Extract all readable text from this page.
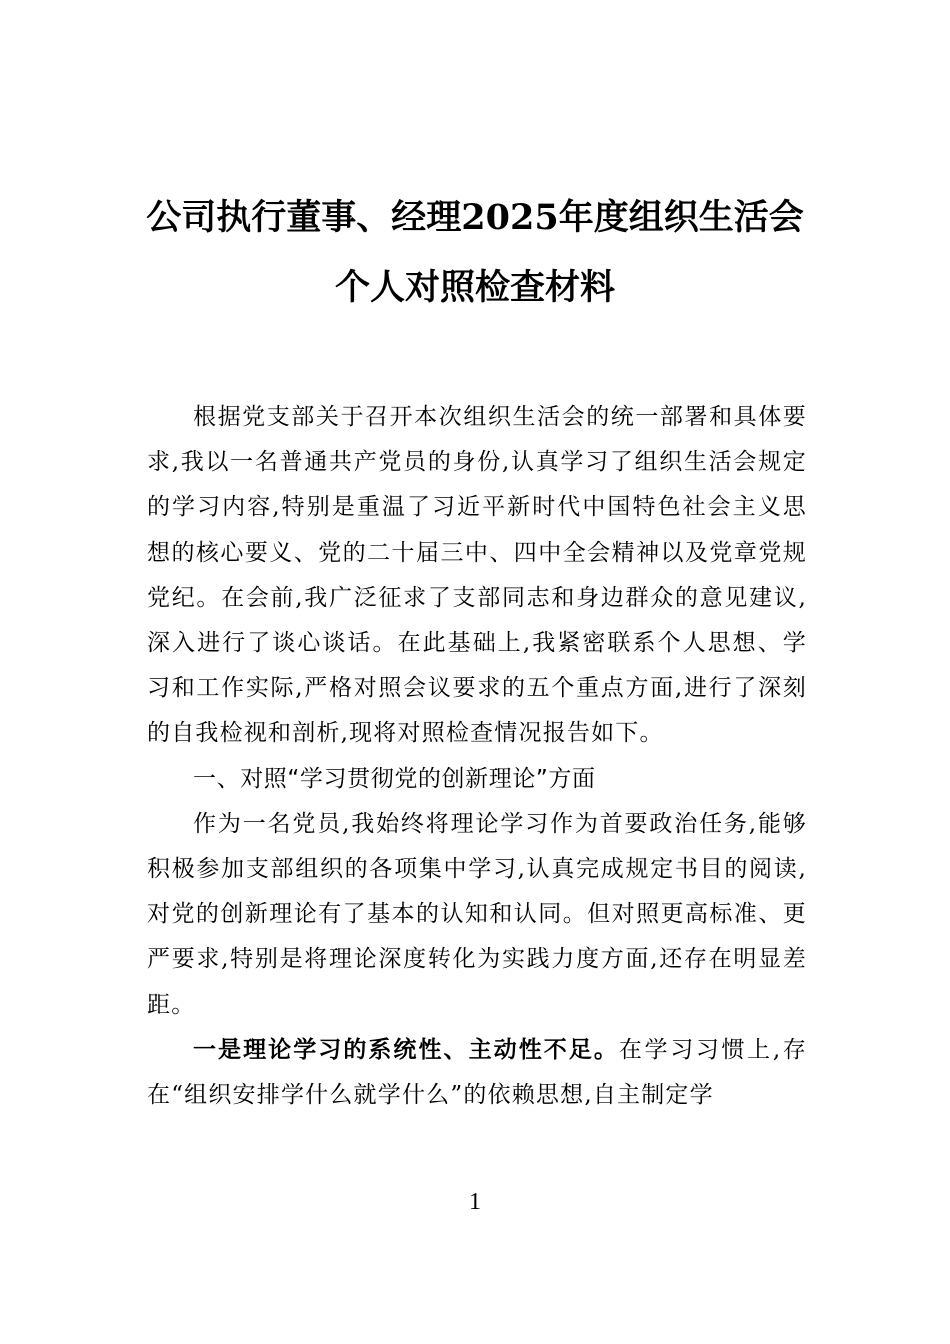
公司执行董事、经理2025年度组织生活会
个人对照检查材料

根据党支部关于召开本次组织生活会的统一部署和具体要求,我以一名普通共产党员的身份,认真学习了组织生活会规定的学习内容,特别是重温了习近平新时代中国特色社会主义思想的核心要义、党的二十届三中、四中全会精神以及党章党规党纪。在会前,我广泛征求了支部同志和身边群众的意见建议,深入进行了谈心谈话。在此基础上,我紧密联系个人思想、学习和工作实际,严格对照会议要求的五个重点方面,进行了深刻的自我检视和剖析,现将对照检查情况报告如下。

一、对照“学习贯彻党的创新理论”方面

作为一名党员,我始终将理论学习作为首要政治任务,能够积极参加支部组织的各项集中学习,认真完成规定书目的阅读,对党的创新理论有了基本的认知和认同。但对照更高标准、更严要求,特别是将理论深度转化为实践力度方面,还存在明显差距。

一是理论学习的系统性、主动性不足。在学习习惯上,存在“组织安排学什么就学什么”的依赖思想,自主制定学

1
